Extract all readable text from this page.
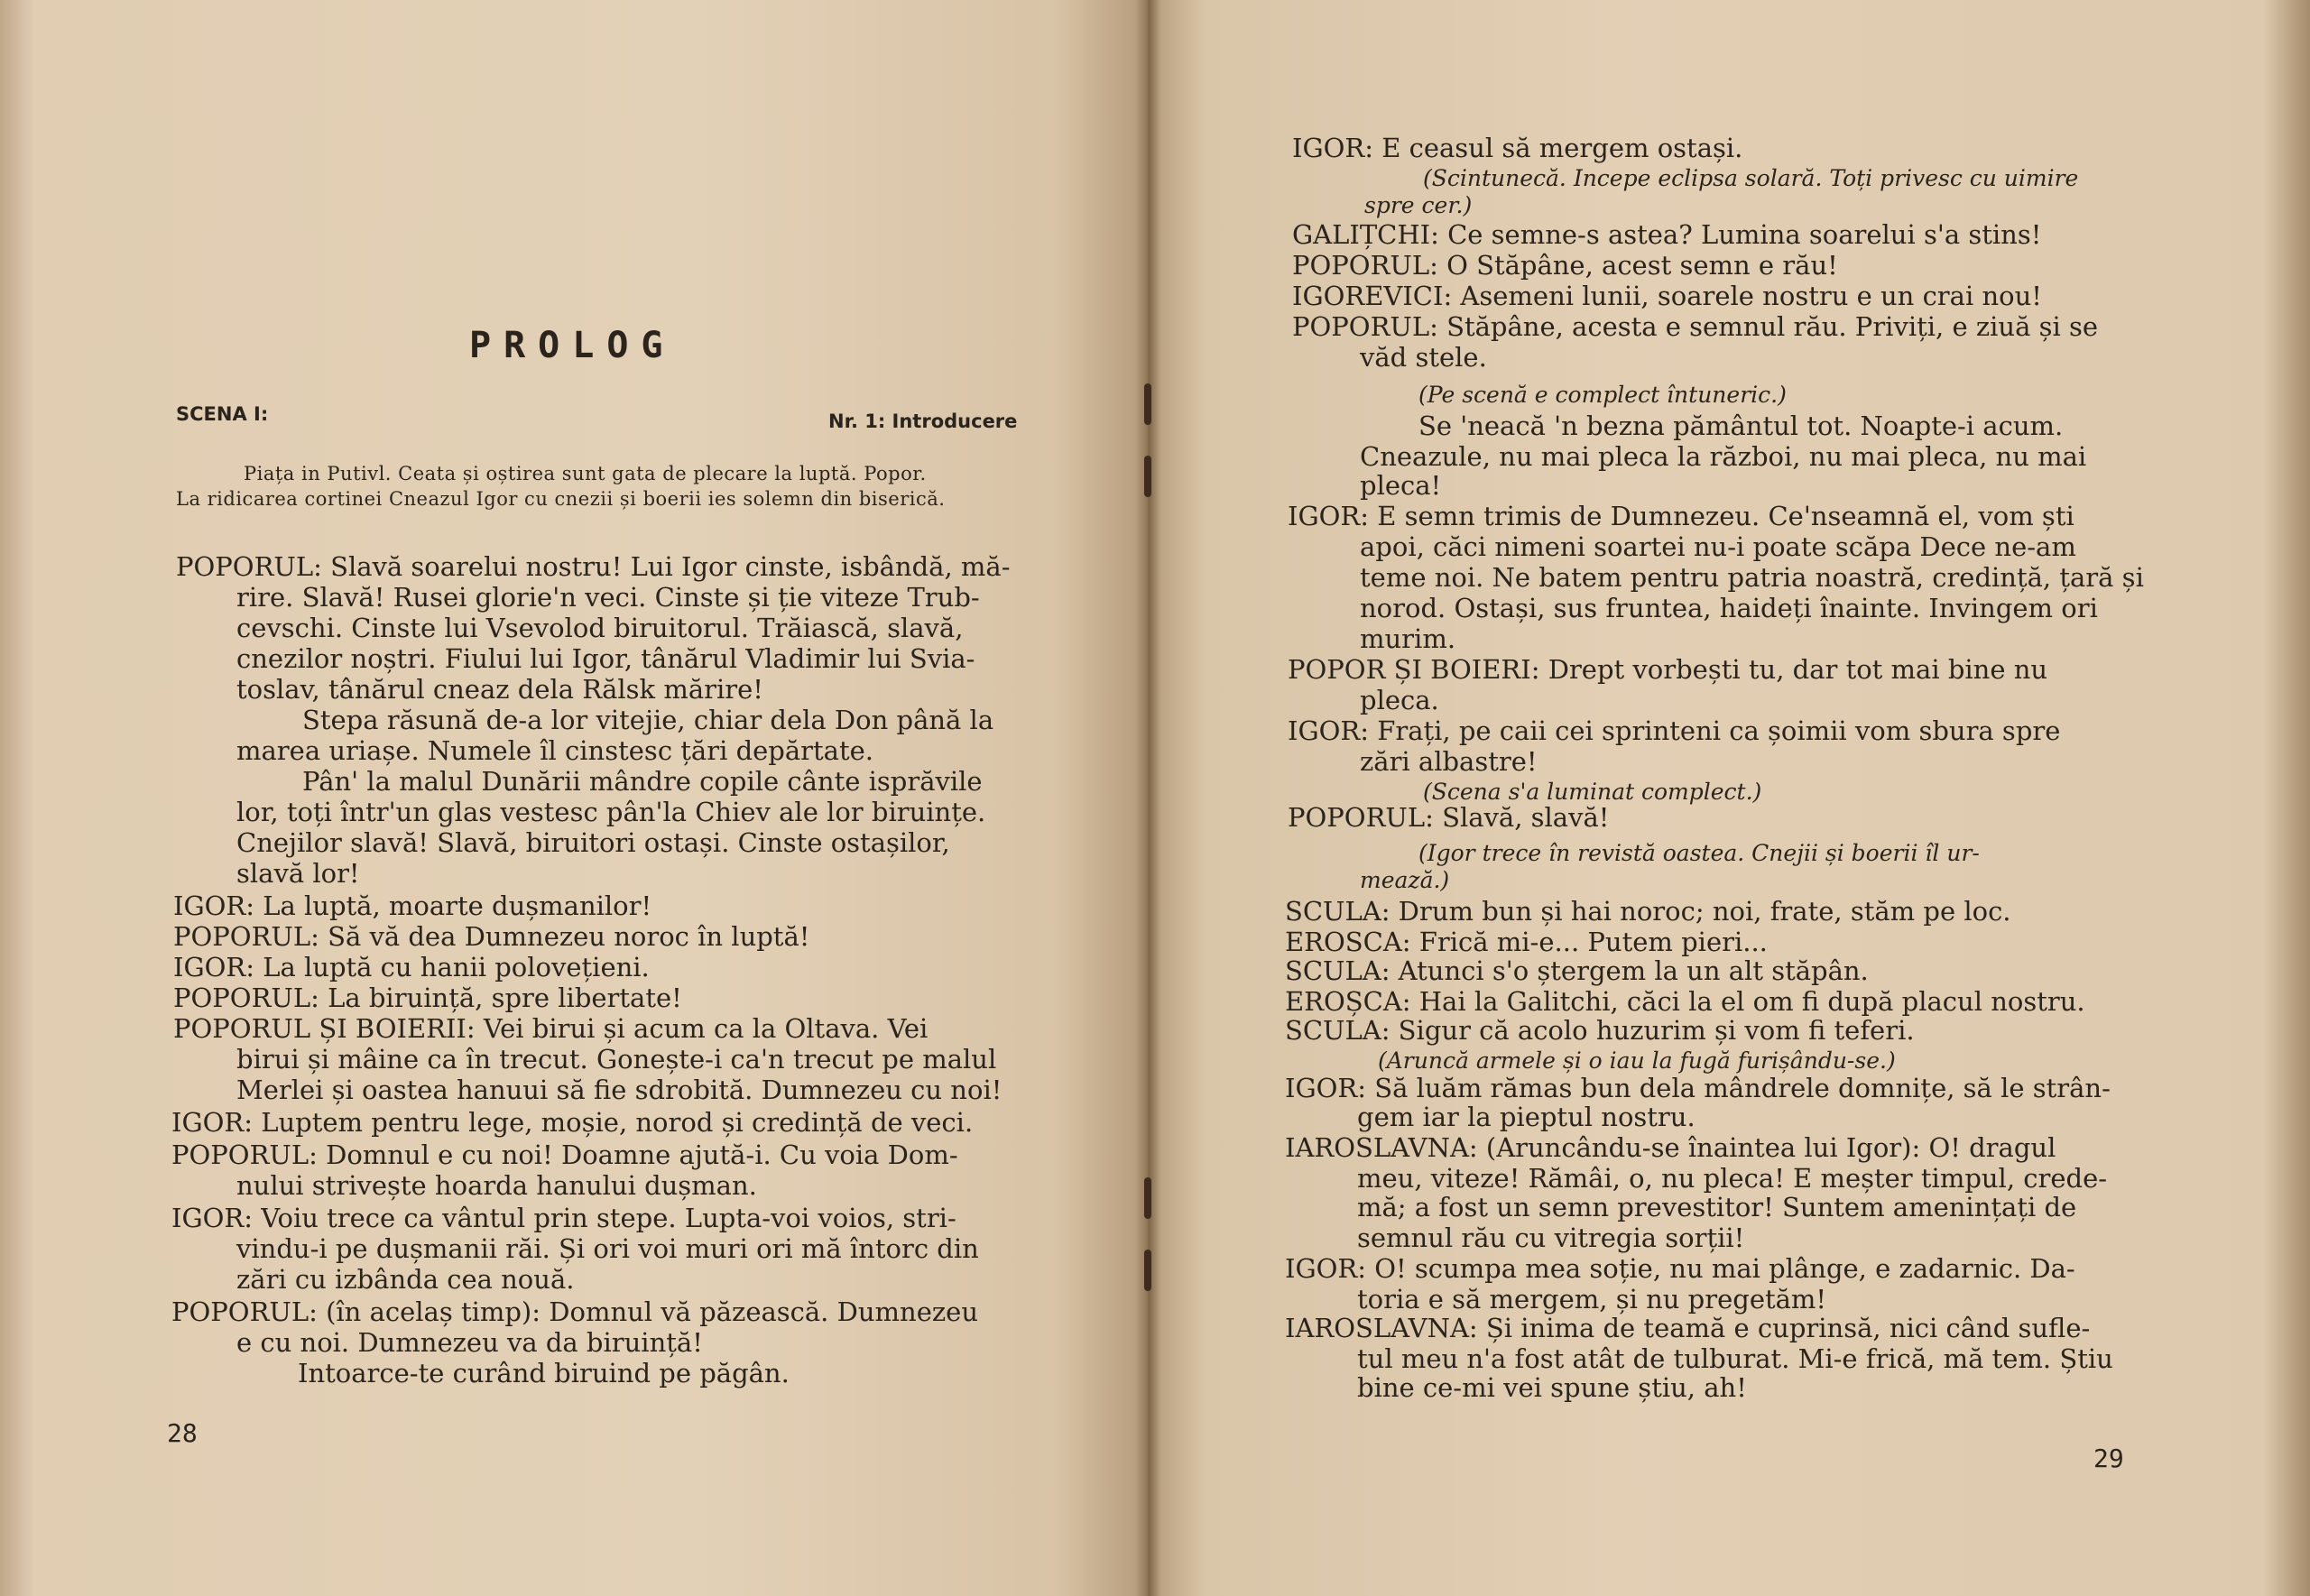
PROLOG
SCENA I:	Nr. 1: Introducere
Piața in Putivl. Ceata și oștirea sunt gata de plecare la luptă. Popor.
La ridicarea cortinei Cneazul Igor cu cnezii și boerii ies solemn din biserică.
POPORUL: Slavă soarelui nostru! Lui Igor cinste, isbândă, mă-
rire. Slavă! Rusei glorie'n veci. Cinste și ție viteze Trub-
cevschi. Cinste lui Vsevolod biruitorul. Trăiască, slavă,
cnezilor noștri. Fiului lui Igor, tânărul Vladimir lui Svia-
toslav, tânărul cneaz dela Rălsk mărire!
Stepa răsună de-a lor vitejie, chiar dela Don până la
marea uriașe. Numele îl cinstesc țări depărtate.
Pân' la malul Dunării mândre copile cânte isprăvile
lor, toți într'un glas vestesc pân'la Chiev ale lor biruințe.
Cnejilor slavă! Slavă, biruitori ostași. Cinste ostașilor,
slavă lor!
IGOR: La luptă, moarte dușmanilor!
POPORUL: Să vă dea Dumnezeu noroc în luptă!
IGOR: La luptă cu hanii polovețieni.
POPORUL: La biruință, spre libertate!
POPORUL ȘI BOIERII: Vei birui și acum ca la Oltava. Vei
birui și mâine ca în trecut. Gonește-i ca'n trecut pe malul
Merlei și oastea hanuui să fie sdrobită. Dumnezeu cu noi!
IGOR: Luptem pentru lege, moșie, norod și credință de veci.
POPORUL: Domnul e cu noi! Doamne ajută-i. Cu voia Dom-
nului strivește hoarda hanului dușman.
IGOR: Voiu trece ca vântul prin stepe. Lupta-voi voios, stri-
vindu-i pe dușmanii răi. Și ori voi muri ori mă întorc din
zări cu izbânda cea nouă.
POPORUL: (în acelaș timp): Domnul vă păzească. Dumnezeu
e cu noi. Dumnezeu va da biruință!
Intoarce-te curând biruind pe păgân.
28
IGOR: E ceasul să mergem ostași.
(Scintunecă. Incepe eclipsa solară. Toți privesc cu uimire
spre cer.)
GALIȚCHI: Ce semne-s astea? Lumina soarelui s'a stins!
POPORUL: O Stăpâne, acest semn e rău!
IGOREVICI: Asemeni lunii, soarele nostru e un crai nou!
POPORUL: Stăpâne, acesta e semnul rău. Priviți, e ziuă și se
văd stele.
(Pe scenă e complect întuneric.)
Se 'neacă 'n bezna pământul tot. Noapte-i acum.
Cneazule, nu mai pleca la război, nu mai pleca, nu mai
pleca!
IGOR: E semn trimis de Dumnezeu. Ce'nseamnă el, vom ști
apoi, căci nimeni soartei nu-i poate scăpa Dece ne-am
teme noi. Ne batem pentru patria noastră, credință, țară și
norod. Ostași, sus fruntea, haideți înainte. Invingem ori
murim.
POPOR ȘI BOIERI: Drept vorbești tu, dar tot mai bine nu
pleca.
IGOR: Frați, pe caii cei sprinteni ca șoimii vom sbura spre
zări albastre!
(Scena s'a luminat complect.)
POPORUL: Slavă, slavă!
(Igor trece în revistă oastea. Cnejii și boerii îl ur-
mează.)
SCULA: Drum bun și hai noroc; noi, frate, stăm pe loc.
EROSCA: Frică mi-e... Putem pieri...
SCULA: Atunci s'o ștergem la un alt stăpân.
EROȘCA: Hai la Galitchi, căci la el om fi după placul nostru.
SCULA: Sigur că acolo huzurim și vom fi teferi.
(Aruncă armele și o iau la fugă furișându-se.)
IGOR: Să luăm rămas bun dela mândrele domnițe, să le strân-
gem iar la pieptul nostru.
IAROSLAVNA: (Aruncându-se înaintea lui Igor): O! dragul
meu, viteze! Rămâi, o, nu pleca! E meșter timpul, crede-
mă; a fost un semn prevestitor! Suntem amenințați de
semnul rău cu vitregia sorții!
IGOR: O! scumpa mea soție, nu mai plânge, e zadarnic. Da-
toria e să mergem, și nu pregetăm!
IAROSLAVNA: Și inima de teamă e cuprinsă, nici când sufle-
tul meu n'a fost atât de tulburat. Mi-e frică, mă tem. Știu
bine ce-mi vei spune știu, ah!
29
